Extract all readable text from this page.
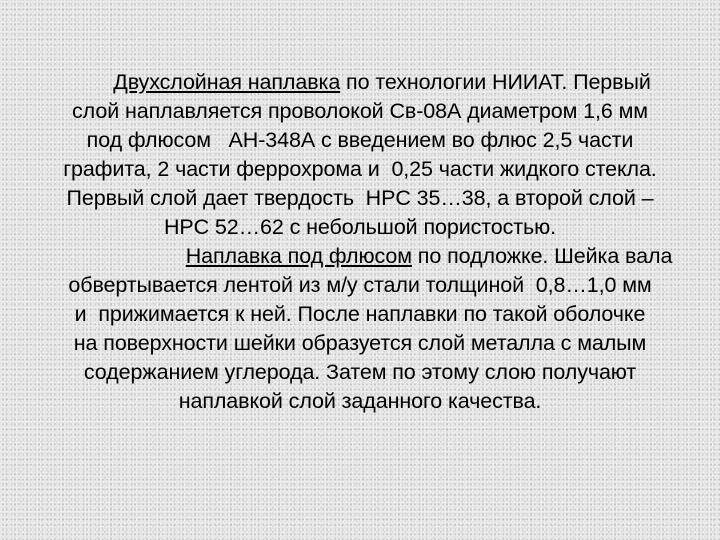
Двухслойная наплавка по технологии НИИАТ. Первый
слой наплавляется проволокой Св-08А диаметром 1,6 мм
под флюсом   АН-348А с введением во флюс 2,5 части
графита, 2 части феррохрома и  0,25 части жидкого стекла.
Первый слой дает твердость  HPC 35…38, а второй слой –
HPC 52…62 с небольшой пористостью.

Наплавка под флюсом по подложке. Шейка вала
обвертывается лентой из м/у стали толщиной  0,8…1,0 мм
и  прижимается к ней. После наплавки по такой оболочке
на поверхности шейки образуется слой металла с малым
содержанием углерода. Затем по этому слою получают
наплавкой слой заданного качества.
